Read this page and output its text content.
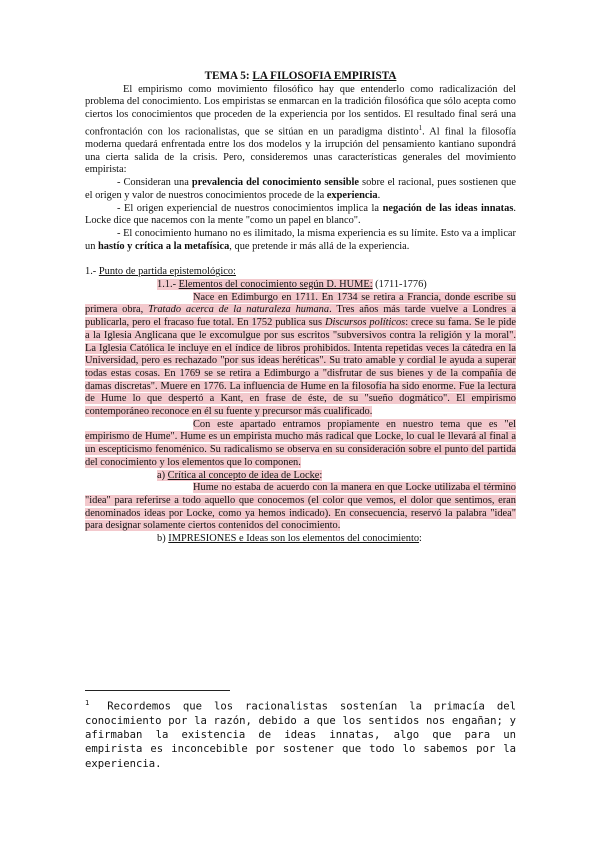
TEMA 5: LA FILOSOFIA EMPIRISTA

El empirismo como movimiento filosófico hay que entenderlo como radicalización del problema del conocimiento. Los empiristas se enmarcan en la tradición filosófica que sólo acepta como ciertos los conocimientos que proceden de la experiencia por los sentidos. El resultado final será una confrontación con los racionalistas, que se sitúan en un paradigma distinto$^1$. Al final la filosofía moderna quedará enfrentada entre los dos modelos y la irrupción del pensamiento kantiano supondrá una cierta salida de la crisis. Pero, consideremos unas características generales del movimiento empirista:

- Consideran una prevalencia del conocimiento sensible sobre el racional, pues sostienen que el origen y valor de nuestros conocimientos procede de la experiencia.

- El origen experiencial de nuestros conocimientos implica la negación de las ideas innatas. Locke dice que nacemos con la mente "como un papel en blanco".

- El conocimiento humano no es ilimitado, la misma experiencia es su límite. Esto va a implicar un hastío y crítica a la metafísica, que pretende ir más allá de la experiencia.

1.- Punto de partida epistemológico:

1.1.- Elementos del conocimiento según D. HUME: (1711-1776)

Nace en Edimburgo en 1711. En 1734 se retira a Francia, donde escribe su primera obra, Tratado acerca de la naturaleza humana. Tres años más tarde vuelve a Londres a publicarla, pero el fracaso fue total. En 1752 publica sus Discursos políticos: crece su fama. Se le pide a la Iglesia Anglicana que le excomulgue por sus escritos "subversivos contra la religión y la moral". La Iglesia Católica le incluye en el índice de libros prohibidos. Intenta repetidas veces la cátedra en la Universidad, pero es rechazado "por sus ideas heréticas". Su trato amable y cordial le ayuda a superar todas estas cosas. En 1769 se se retira a Edimburgo a "disfrutar de sus bienes y de la compañía de damas discretas". Muere en 1776. La influencia de Hume en la filosofía ha sido enorme. Fue la lectura de Hume lo que despertó a Kant, en frase de éste, de su "sueño dogmático". El empirismo contemporáneo reconoce en él su fuente y precursor más cualificado.

Con este apartado entramos propiamente en nuestro tema que es "el empirismo de Hume". Hume es un empirista mucho más radical que Locke, lo cual le llevará al final a un escepticismo fenoménico. Su radicalismo se observa en su consideración sobre el punto del partida del conocimiento y los elementos que lo componen.

a) Crítica al concepto de idea de Locke:

Hume no estaba de acuerdo con la manera en que Locke utilizaba el término "idea" para referirse a todo aquello que conocemos (el color que vemos, el dolor que sentimos, eran denominados ideas por Locke, como ya hemos indicado). En consecuencia, reservó la palabra "idea" para designar solamente ciertos contenidos del conocimiento.

b) IMPRESIONES e Ideas son los elementos del conocimiento:

$^1$ Recordemos que los racionalistas sostenían la primacía del conocimiento por la razón, debido a que los sentidos nos engañan; y afirmaban la existencia de ideas innatas, algo que para un empirista es inconcebible por sostener que todo lo sabemos por la experiencia.
